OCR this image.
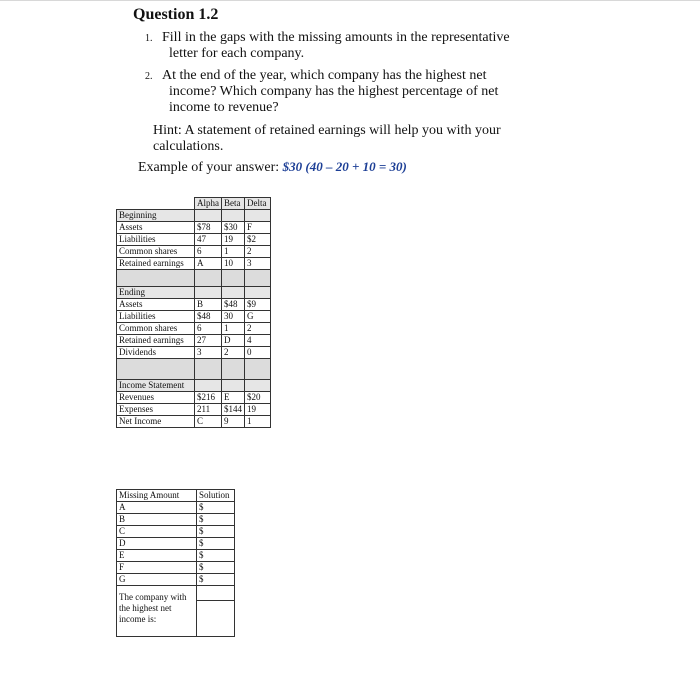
Question 1.2
1. Fill in the gaps with the missing amounts in the representative
letter for each company.
2. At the end of the year, which company has the highest net
income? Which company has the highest percentage of net
income to revenue?
Hint: A statement of retained earnings will help you with your
calculations.
Example of your answer: $30 (40 – 20 + 10 = 30)
	Alpha	Beta	Delta
Beginning			
Assets	$78	$30	F
Liabilities	47	19	$2
Common shares	6	1	2
Retained earnings	A	10	3

Ending			
Assets	B	$48	$9
Liabilities	$48	30	G
Common shares	6	1	2
Retained earnings	27	D	4
Dividends	3	2	0

Income Statement			
Revenues	$216	E	$20
Expenses	211	$144	19
Net Income	C	9	1
Missing Amount	Solution
A	$
B	$
C	$
D	$
E	$
F	$
G	$
The company with the highest net income is:	
